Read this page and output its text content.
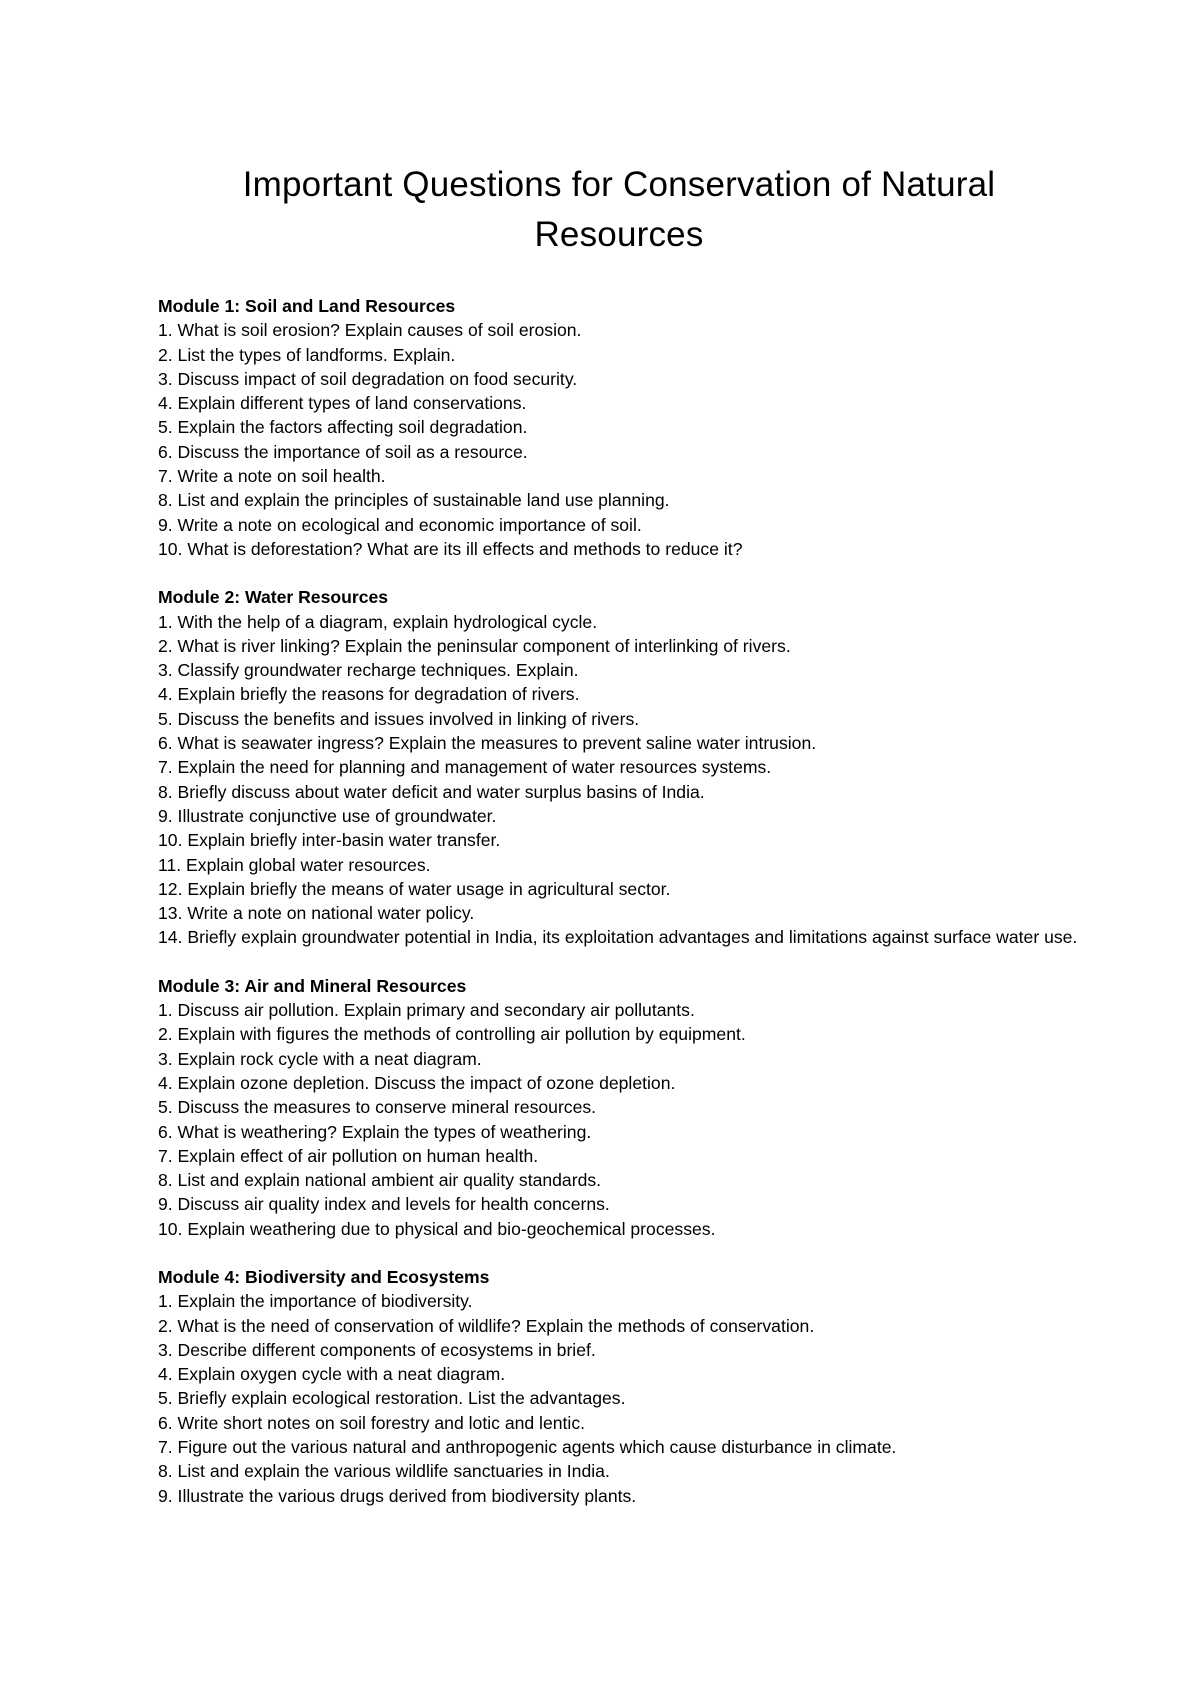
Important Questions for Conservation of Natural Resources
Module 1: Soil and Land Resources
1. What is soil erosion? Explain causes of soil erosion.
2. List the types of landforms. Explain.
3. Discuss impact of soil degradation on food security.
4. Explain different types of land conservations.
5. Explain the factors affecting soil degradation.
6. Discuss the importance of soil as a resource.
7. Write a note on soil health.
8. List and explain the principles of sustainable land use planning.
9. Write a note on ecological and economic importance of soil.
10. What is deforestation? What are its ill effects and methods to reduce it?
Module 2: Water Resources
1. With the help of a diagram, explain hydrological cycle.
2. What is river linking? Explain the peninsular component of interlinking of rivers.
3. Classify groundwater recharge techniques. Explain.
4. Explain briefly the reasons for degradation of rivers.
5. Discuss the benefits and issues involved in linking of rivers.
6. What is seawater ingress? Explain the measures to prevent saline water intrusion.
7. Explain the need for planning and management of water resources systems.
8. Briefly discuss about water deficit and water surplus basins of India.
9. Illustrate conjunctive use of groundwater.
10. Explain briefly inter-basin water transfer.
11. Explain global water resources.
12. Explain briefly the means of water usage in agricultural sector.
13. Write a note on national water policy.
14. Briefly explain groundwater potential in India, its exploitation advantages and limitations against surface water use.
Module 3: Air and Mineral Resources
1. Discuss air pollution. Explain primary and secondary air pollutants.
2. Explain with figures the methods of controlling air pollution by equipment.
3. Explain rock cycle with a neat diagram.
4. Explain ozone depletion. Discuss the impact of ozone depletion.
5. Discuss the measures to conserve mineral resources.
6. What is weathering? Explain the types of weathering.
7. Explain effect of air pollution on human health.
8. List and explain national ambient air quality standards.
9. Discuss air quality index and levels for health concerns.
10. Explain weathering due to physical and bio-geochemical processes.
Module 4: Biodiversity and Ecosystems
1. Explain the importance of biodiversity.
2. What is the need of conservation of wildlife? Explain the methods of conservation.
3. Describe different components of ecosystems in brief.
4. Explain oxygen cycle with a neat diagram.
5. Briefly explain ecological restoration. List the advantages.
6. Write short notes on soil forestry and lotic and lentic.
7. Figure out the various natural and anthropogenic agents which cause disturbance in climate.
8. List and explain the various wildlife sanctuaries in India.
9. Illustrate the various drugs derived from biodiversity plants.
